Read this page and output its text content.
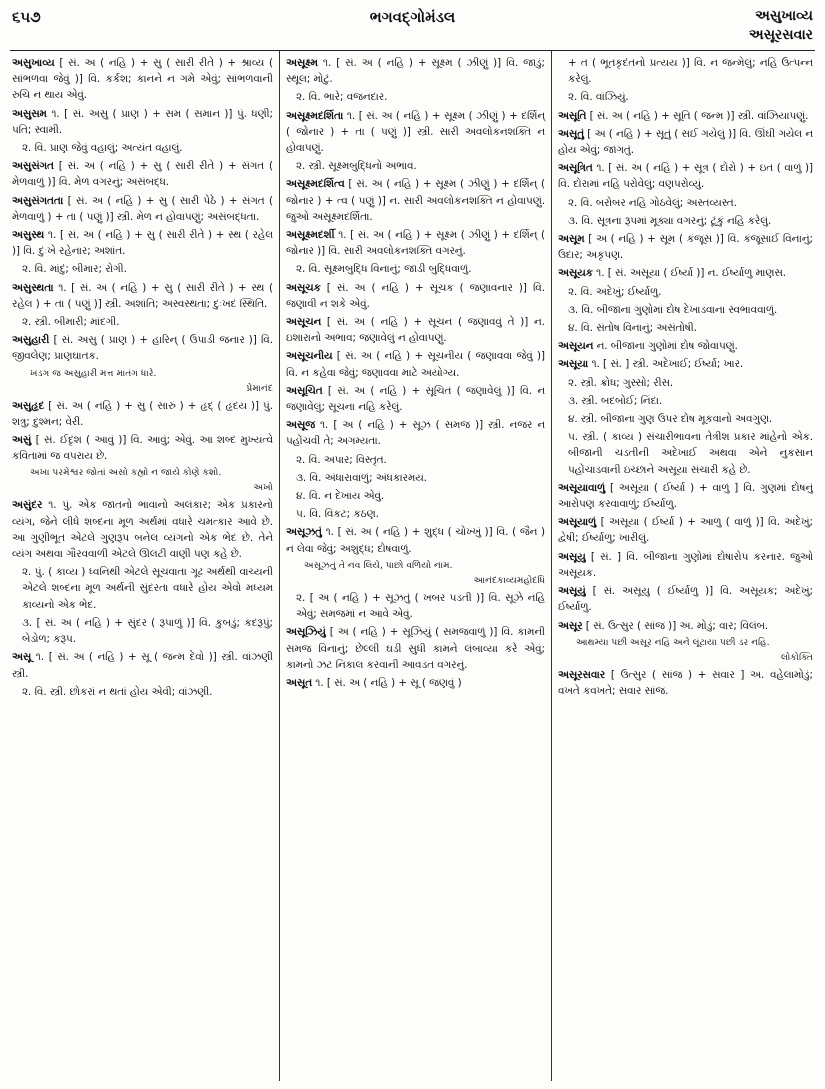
૬૫૭	ભગવદ્ગોમંડલ	અસુખાવ્ય
અસૂરસવાર
અસુખાવ્ય [ સં. અ ( નહિ ) + સુ ( સારી રીતે ) + શ્રાવ્ય ( સાંભળવા જેવું )] વિ. કર્કશ; કાનને ન ગમે એવું; સાંભળવાની રુચિ ન થાય એવું.
અસુસમ ૧. [ સં. અસુ ( પ્રાણ ) + સમ ( સમાન )] પું. ધણી; પતિ; સ્વામી.
૨. વિ. પ્રાણ જેવું વહાલું; અત્યંત વહાલું.
અસુસંગત [ સં. અ ( નહિ ) + સુ ( સારી રીતે ) + સંગત ( મેળવાળું )] વિ. મેળ વગરનું; અસંબદ્ધ.
અસુસંગતતા [ સં. અ ( નહિ ) + સુ ( સારી પેઠે ) + સંગત ( મેળવાળું ) + તા ( પણું )] સ્ત્રી. મેળ ન હોવાપણું; અસંબદ્ધતા.
અસુસ્થ ૧. [ સં. અ ( નહિ ) + સુ ( સારી રીતે ) + સ્થ ( રહેલ )] વિ. દુઃખે રહેનાર; અશાંત.
૨. વિ. માંદું; બીમાર; રોગી.
અસુસ્થતા ૧. [ સં. અ ( નહિ ) + સુ ( સારી રીતે ) + સ્થ ( રહેલ ) + તા ( પણું )] સ્ત્રી. અશાંતિ; અસ્વસ્થતા; દુઃખદ સ્થિતિ.
૨. સ્ત્રી. બીમારી; માંદગી.
અસુહારી [ સં. અસુ ( પ્રાણ ) + હારિન્ ( ઉપાડી જનાર )] વિ. જીવલેણ; પ્રાણઘાતક.
ખડગ જ અસુહારી મત્ત માતંગ ધારે.
પ્રેમાનંદ
અસુહૃદ [ સં. અ ( નહિ ) + સુ ( સારું ) + હૃદ્ ( હૃદય )] પું. શત્રુ; દુશ્મન; વેરી.
અસું [ સં. ઈદૃશ ( આવું )] વિ. આવું; એવું. આ શબ્દ મુખ્યત્વે કવિતામાં જ વપરાય છે.
અખા પરમેશ્વર જોતાં અસો કહ્યો ન જાયે કોણે કશો.
અખો
અસુંદર ૧. પું. એક જાતનો ભાવાનો અલંકાર; એક પ્રકારનો વ્યંગ, જેને લીધે શબ્દના મૂળ અર્થમાં વધારે ચમત્કાર આવે છે. આ ગુણીભૂત એટલે ગુણરૂપ બનેલ વ્યંગનો એક ભેદ છે. તેને વ્યંગ અથવા ગૌરવવાળી એટલે ઊલટી વાણી પણ કહે છે.
૨. પું. ( કાવ્ય ) ધ્વનિથી એટલે સૂચવાતા ગૂઢ અર્થથી વાચ્યની એટલે શબ્દના મૂળ અર્થની સુંદરતા વધારે હોય એવો મધ્યમ કાવ્યનો એક ભેદ.
૩. [ સં. અ ( નહિ ) + સુંદર ( રૂપાળું )] વિ. કુબડું; કદરૂપું; બેડોળ; કરૂપ.
અસૂ ૧. [ સં. અ ( નહિ ) + સૂ ( જન્મ દેવો )] સ્ત્રી. વાંઝણી સ્ત્રી.
૨. વિ. સ્ત્રી. છોકરાં ન થતાં હોય એવી; વાંઝણી.
અસૂક્ષ્મ ૧. [ સં. અ ( નહિ ) + સૂક્ષ્મ ( ઝીણું )] વિ. જાડું; સ્થૂલ; મોટું.
૨. વિ. ભારે; વજનદાર.
અસૂક્ષ્મદર્શિતા ૧. [ સં. અ ( નહિ ) + સૂક્ષ્મ ( ઝીણું ) + દર્શિન્ ( જોનાર ) + તા ( પણું )] સ્ત્રી. સારી અવલોકનશક્તિ ન હોવાપણું.
૨. સ્ત્રી. સૂક્ષ્મબુદ્ધિનો અભાવ.
અસૂક્ષ્મદર્શિત્વ [ સં. અ ( નહિ ) + સૂક્ષ્મ ( ઝીણું ) + દર્શિન્ ( જોનાર ) + ત્વ ( પણું )] ન. સારી અવલોકનશક્તિ ન હોવાપણું. જુઓ અસૂક્ષ્મદર્શિતા.
અસૂક્ષ્મદર્શી ૧. [ સં. અ ( નહિ ) + સૂક્ષ્મ ( ઝીણું ) + દર્શિન્ ( જોનાર )] વિ. સારી અવલોકનશક્તિ વગરનું.
૨. વિ. સૂક્ષ્મબુદ્ધિ વિનાનું; જાડી બુદ્ધિવાળું.
અસૂચક [ સં. અ ( નહિ ) + સૂચક ( જણાવનાર )] વિ. જણાવી ન શકે એવું.
અસૂચન [ સં. અ ( નહિ ) + સૂચન ( જણાવવું તે )] ન. ઇશારાનો અભાવ; જણાવેલું ન હોવાપણું.
અસૂચનીય [ સં. અ ( નહિ ) + સૂચનીય ( જણાવવા જેવું )] વિ. ન કહેવા જેવું; જણાવવા માટે અયોગ્ય.
અસૂચિત [ સં. અ ( નહિ ) + સૂચિત ( જણાવેલું )] વિ. ન જણાવેલું; સૂચના નહિ કરેલું.
અસૂજ ૧. [ અ ( નહિ ) + સૂઝ ( સમજ )] સ્ત્રી. નજર ન પહોંચવી તે; અગમ્યતા.
૨. વિ. અપાર; વિસ્તૃત.
૩. વિ. અંધારાવાળું; અંધકારમય.
૪. વિ. ન દેખાય એવું.
૫. વિ. વિકટ; કઠણ.
અસૂઝતું ૧. [ સં. અ ( નહિ ) + શુદ્ધ ( ચોખ્ખું )] વિ. ( જૈન ) ન લેવા જેવું; અશુદ્ધ; દોષવાળું.
અસૂઝતું તે નવ લિયે, પાછો વળિયો નામ.
આનંદકાવ્યમહોદધિ
૨. [ અ ( નહિ ) + સૂઝતું ( ખબર પડતી )] વિ. સૂઝે નહિ એવું; સમજમાં ન આવે એવું.
અસૂઝિયું [ અ ( નહિ ) + સૂઝિયું ( સમજવાળું )] વિ. કામની સમજ વિનાનું; છેલ્લી ઘડી સુધી કામને લંબાવ્યા કરે એવું; કામનો ઝટ નિકાલ કરવાની આવડત વગરનું.
અસૂત ૧. [ સં. અ ( નહિ ) + સૂ ( જણવું )
+ ત ( ભૂતકૃદંતનો પ્રત્યય )] વિ. ન જન્મેલું; નહિ ઉત્પન્ન કરેલું.
૨. વિ. વાંઝિયું.
અસૂતિ [ સં. અ ( નહિ ) + સૂતિ ( જન્મ )] સ્ત્રી. વાંઝિયાપણું.
અસૂતું [ અ ( નહિ ) + સૂતું ( સઈ ગયેલું )] વિ. ઊંઘી ગયેલ ન હોય એવું; જાગતું.
અસૂત્રિત ૧. [ સં. અ ( નહિ ) + સૂત્ર ( દોરો ) + ઇત ( વાળું )] વિ. દોરામાં નહિ પરોવેલું; વણપરોવ્યું.
૨. વિ. બરોબર નહિ ગોઠવેલું; અસ્તવ્યસ્ત.
૩. વિ. સૂત્રના રૂપમાં મૂક્યા વગરનું; ટૂંકું નહિ કરેલું.
અસૂમ [ અ ( નહિ ) + સૂમ ( કંજૂસ )] વિ. કંજૂસાઈ વિનાનું; ઉદાર; અકૃપણ.
અસૂયક ૧. [ સં. અસૂયા ( ઈર્ષ્યા )] ન. ઈર્ષ્યાળુ માણસ.
૨. વિ. અદેખું; ઈર્ષ્યાળુ.
૩. વિ. બીજાના ગુણોમાં દોષ દેખાડવાના સ્વભાવવાળું.
૪. વિ. સંતોષ વિનાનું; અસંતોષી.
અસૂયન ન. બીજાના ગુણોમાં દોષ જોવાપણું.
અસૂયા ૧. [ સં. ] સ્ત્રી. અદેખાઈ; ઈર્ષ્યા; ખાર.
૨. સ્ત્રી. ક્રોધ; ગુસ્સો; રીસ.
૩. સ્ત્રી. બદબોઈ; નિંદા.
૪. સ્ત્રી. બીજાના ગુણ ઉપર દોષ મૂકવાનો અવગુણ.
૫. સ્ત્રી. ( કાવ્ય ) સંચારીભાવના તેત્રીશ પ્રકાર માંહેનો એક. બીજાની ચડતીની અદેખાઈ અથવા એને નુકસાન પહોંચાડવાની ઇચ્છાને અસૂયા સંચારી કહે છે.
અસૂયાવાળું [ અસૂયા ( ઈર્ષ્યા ) + વાળું ] વિ. ગુણમાં દોષનું આરોપણ કરવાવાળું; ઈર્ષ્યાળુ.
અસૂયાળું [ અસૂયા ( ઈર્ષ્યા ) + આળુ ( વાળું )] વિ. અદેખું; દ્વેષી; ઈર્ષ્યાળુ; ખારીલું.
અસૂયુ [ સં. ] વિ. બીજાના ગુણોમાં દોષારોપ કરનાર. જુઓ અસૂયક.
અસૂયું [ સં. અસૂયુ ( ઈર્ષ્યાળુ )] વિ. અસૂયક; અદેખું; ઈર્ષ્યાળુ.
અસૂર [ સં. ઉત્સુર ( સાંજ )] અ. મોડું; વાર; વિલંબ.
આથમ્યા પછી અસૂર નહિ અને લૂંટાયા પછી ડર નહિ.
લોકોક્તિ
અસૂરસવાર [ ઉત્સુર ( સાંજ ) + સવાર ] અ. વહેલામોડું; વખતે કવખતે; સવાર સાંજ.
